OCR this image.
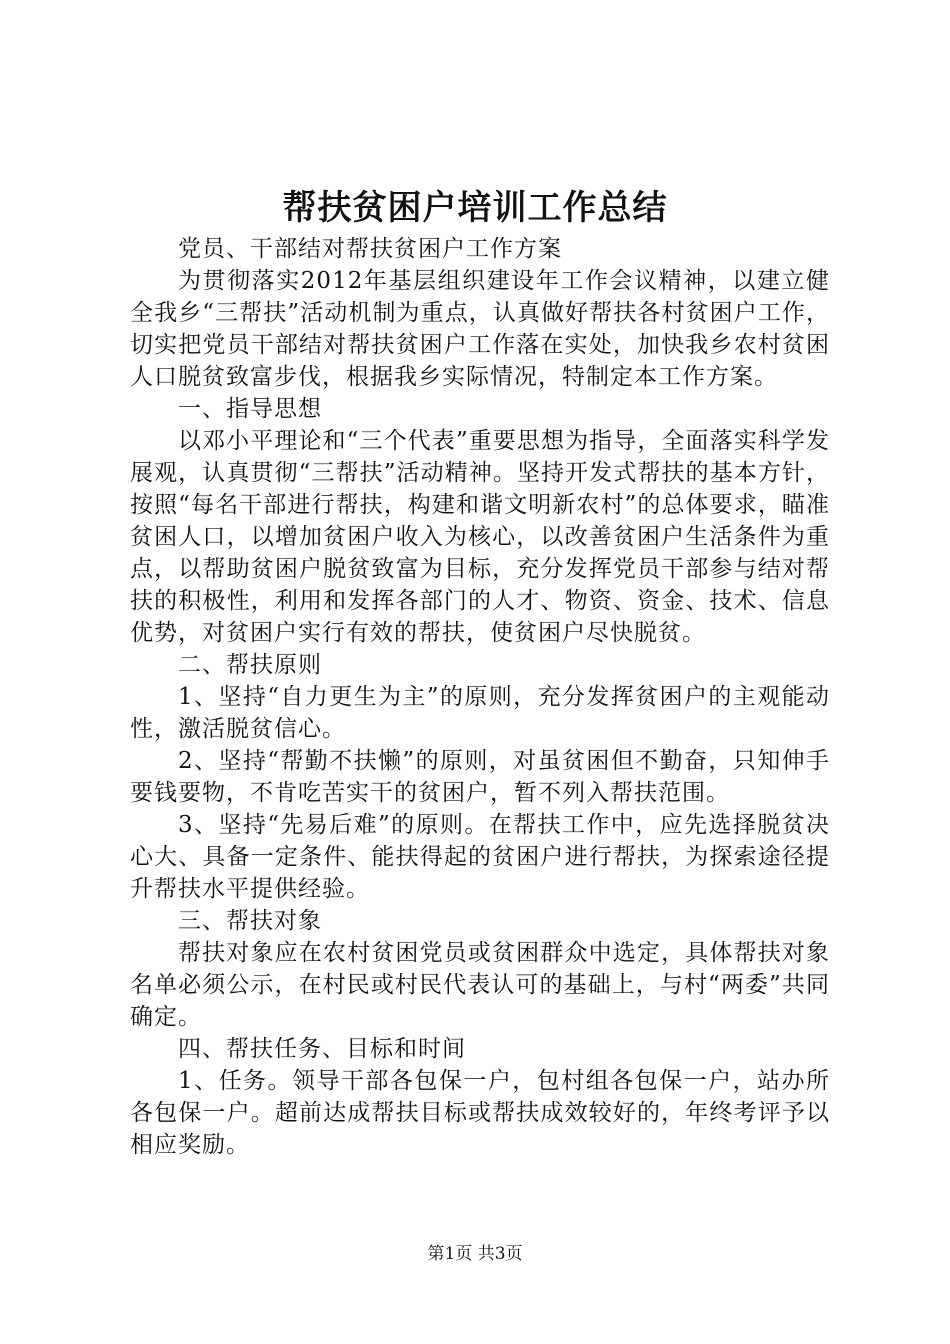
帮扶贫困户培训工作总结

党员、干部结对帮扶贫困户工作方案

为贯彻落实2012年基层组织建设年工作会议精神，以建立健全我乡“三帮扶”活动机制为重点，认真做好帮扶各村贫困户工作，切实把党员干部结对帮扶贫困户工作落在实处，加快我乡农村贫困人口脱贫致富步伐，根据我乡实际情况，特制定本工作方案。

一、指导思想

以邓小平理论和“三个代表”重要思想为指导，全面落实科学发展观，认真贯彻“三帮扶”活动精神。坚持开发式帮扶的基本方针，按照“每名干部进行帮扶，构建和谐文明新农村”的总体要求，瞄准贫困人口，以增加贫困户收入为核心，以改善贫困户生活条件为重点，以帮助贫困户脱贫致富为目标，充分发挥党员干部参与结对帮扶的积极性，利用和发挥各部门的人才、物资、资金、技术、信息优势，对贫困户实行有效的帮扶，使贫困户尽快脱贫。

二、帮扶原则

1、坚持“自力更生为主”的原则，充分发挥贫困户的主观能动性，激活脱贫信心。

2、坚持“帮勤不扶懒”的原则，对虽贫困但不勤奋，只知伸手要钱要物，不肯吃苦实干的贫困户，暂不列入帮扶范围。

3、坚持“先易后难”的原则。在帮扶工作中，应先选择脱贫决心大、具备一定条件、能扶得起的贫困户进行帮扶，为探索途径提升帮扶水平提供经验。

三、帮扶对象

帮扶对象应在农村贫困党员或贫困群众中选定，具体帮扶对象名单必须公示，在村民或村民代表认可的基础上，与村“两委”共同确定。

四、帮扶任务、目标和时间

1、任务。领导干部各包保一户，包村组各包保一户，站办所各包保一户。超前达成帮扶目标或帮扶成效较好的，年终考评予以相应奖励。

第1页 共3页
